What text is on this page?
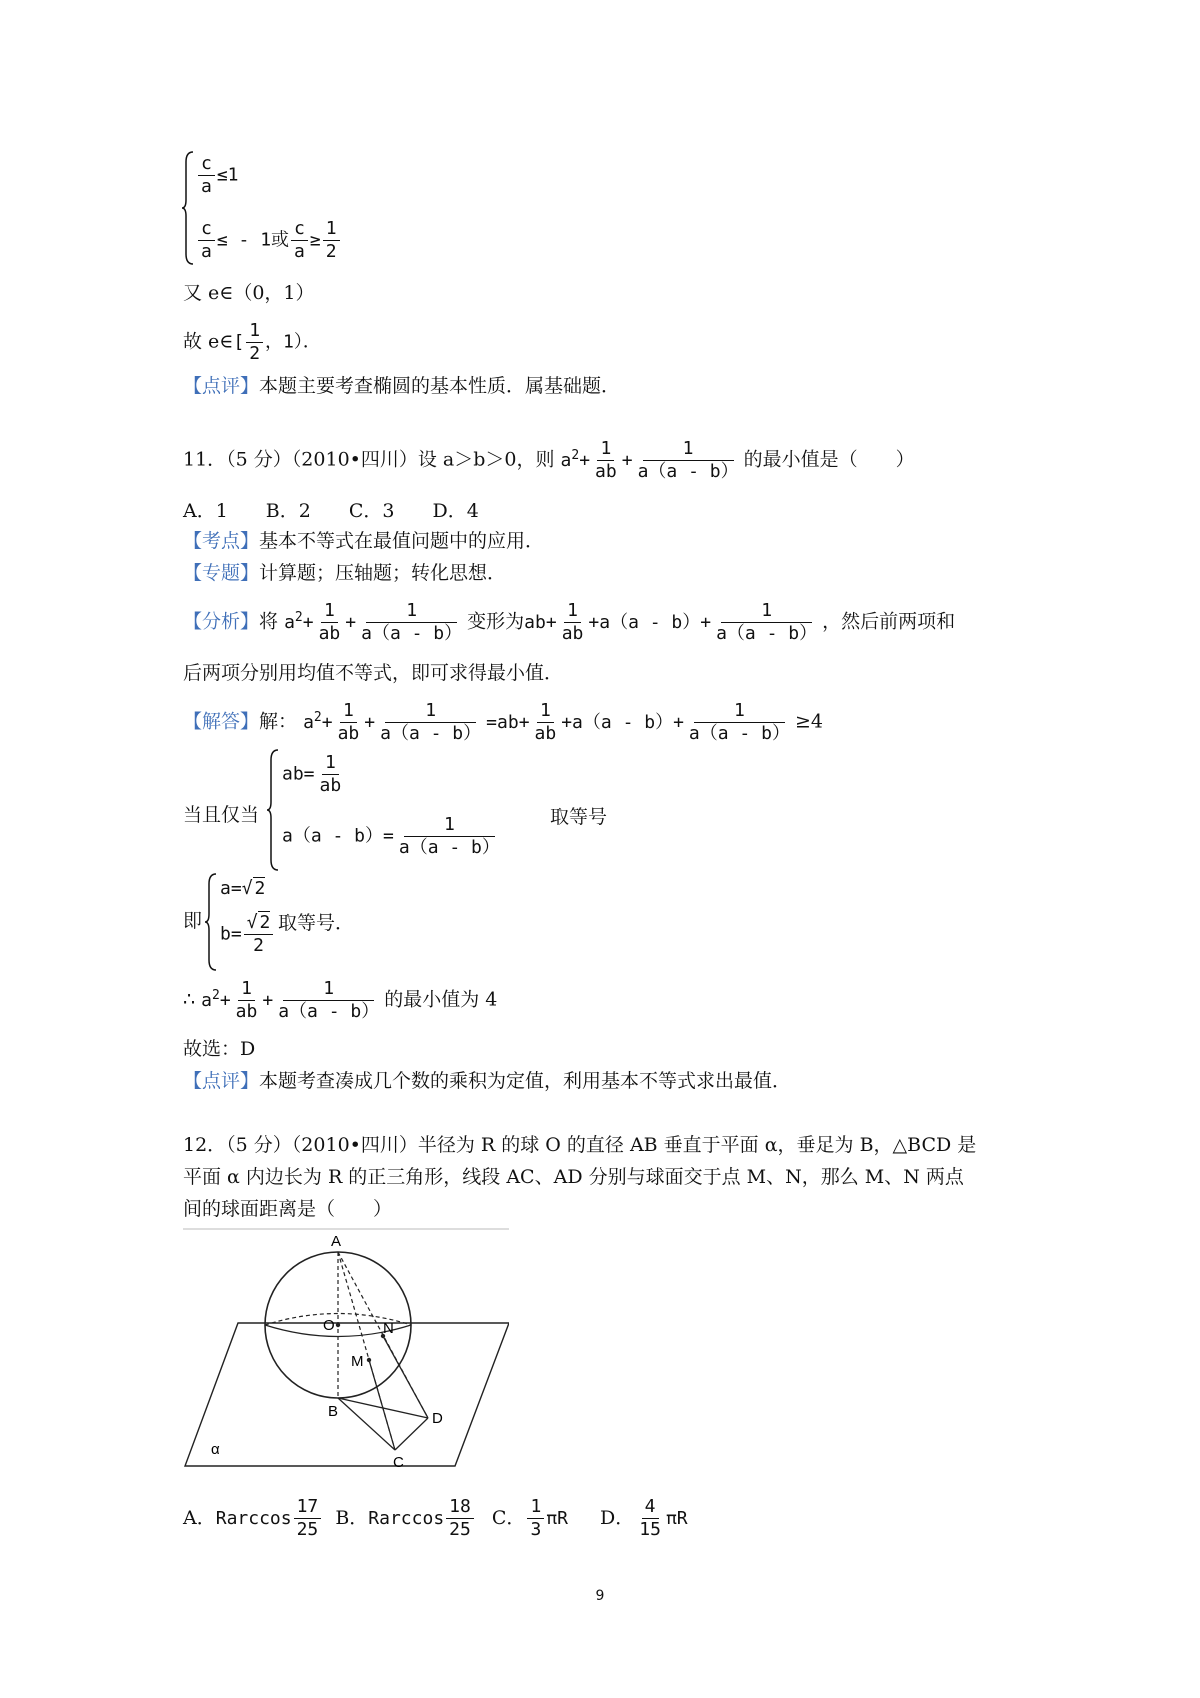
$\frac{c}{a} \le 1$
$\frac{c}{a}$ ≤ - 1或 $\frac{c}{a} \ge \frac{1}{2}$
又 e∈（0，1）
故 e∈[ $\frac{1}{2}$ ，1）．
【点评】本题主要考查椭圆的基本性质．属基础题．
11．（5 分）（2010•四川）设 a＞b＞0，则 $a^2+ \frac{1}{ab} + \frac{1}{a(a - b)}$ 的最小值是（　　）
A．1　　B．2　　C．3　　D．4
【考点】基本不等式在最值问题中的应用．
【专题】计算题；压轴题；转化思想．
【分析】将 $a^2+ \frac{1}{ab} + \frac{1}{a(a - b)}$ 变形为$ab+ \frac{1}{ab} +a(a - b)+ \frac{1}{a(a - b)}$ ，然后前两项和
后两项分别用均值不等式，即可求得最小值．
【解答】解： $a^2+ \frac{1}{ab} + \frac{1}{a(a - b)} =ab+ \frac{1}{ab} +a(a - b)+ \frac{1}{a(a - b)} \ge 4$
当且仅当
$ab= \frac{1}{ab}$
$a(a - b)= \frac{1}{a(a - b)}$ 取等号
即
a=√ 2
$b= \frac{√ 2}{2}$ 取等号．
∴ $a^2+ \frac{1}{ab} + \frac{1}{a(a - b)}$ 的最小值为 4
故选：D
【点评】本题考查凑成几个数的乘积为定值，利用基本不等式求出最值．
12．（5 分）（2010•四川）半径为 R 的球 O 的直径 AB 垂直于平面 α，垂足为 B，△BCD 是
平面 α 内边长为 R 的正三角形，线段 AC、AD 分别与球面交于点 M、N，那么 M、N 两点
间的球面距离是（　　）
A
O	N
M
B	D
C
α
A．Rarccos $\frac{17}{25}$ B．Rarccos $\frac{18}{25}$ C． $\frac{1}{3}$ πR D． $\frac{4}{15}$ πR
9
